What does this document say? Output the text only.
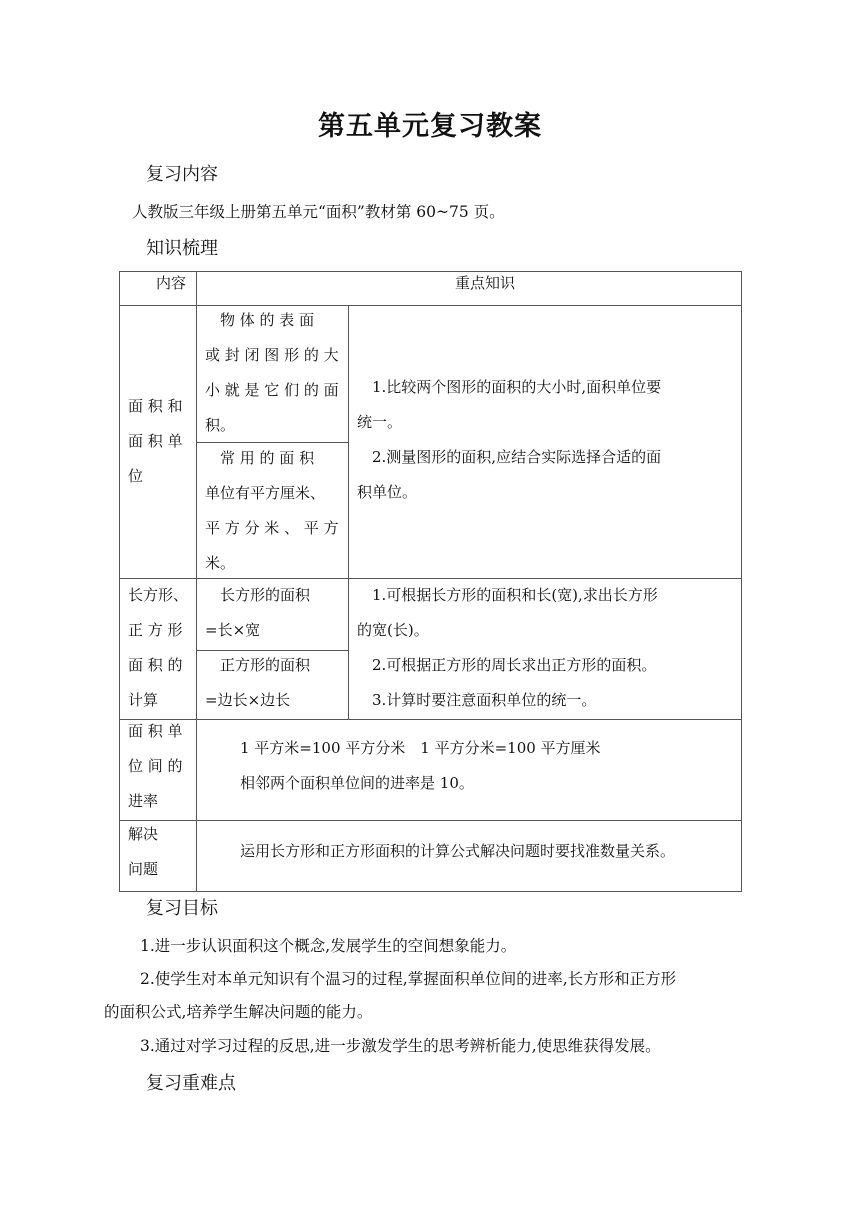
第五单元复习教案
复习内容
人教版三年级上册第五单元“面积”教材第 60~75 页。
知识梳理
内容	重点知识
面 积 和
面 积 单
位
　物 体 的 表 面
或 封 闭 图 形 的 大
小 就 是 它 们 的 面
积。
　常 用 的 面 积
单位有平方厘米、
平 方 分 米 、 平 方
米。
　1.比较两个图形的面积的大小时,面积单位要
统一。
　2.测量图形的面积,应结合实际选择合适的面
积单位。
长方形、
正 方 形
面 积 的
计算
　长方形的面积
=长×宽
　正方形的面积
=边长×边长
　1.可根据长方形的面积和长(宽),求出长方形
的宽(长)。
　2.可根据正方形的周长求出正方形的面积。
　3.计算时要注意面积单位的统一。
面 积 单
位 间 的
进率
1 平方米=100 平方分米　1 平方分米=100 平方厘米
相邻两个面积单位间的进率是 10。
解决
问题
运用长方形和正方形面积的计算公式解决问题时要找准数量关系。
复习目标
1.进一步认识面积这个概念,发展学生的空间想象能力。
2.使学生对本单元知识有个温习的过程,掌握面积单位间的进率,长方形和正方形
的面积公式,培养学生解决问题的能力。
3.通过对学习过程的反思,进一步激发学生的思考辨析能力,使思维获得发展。
复习重难点
